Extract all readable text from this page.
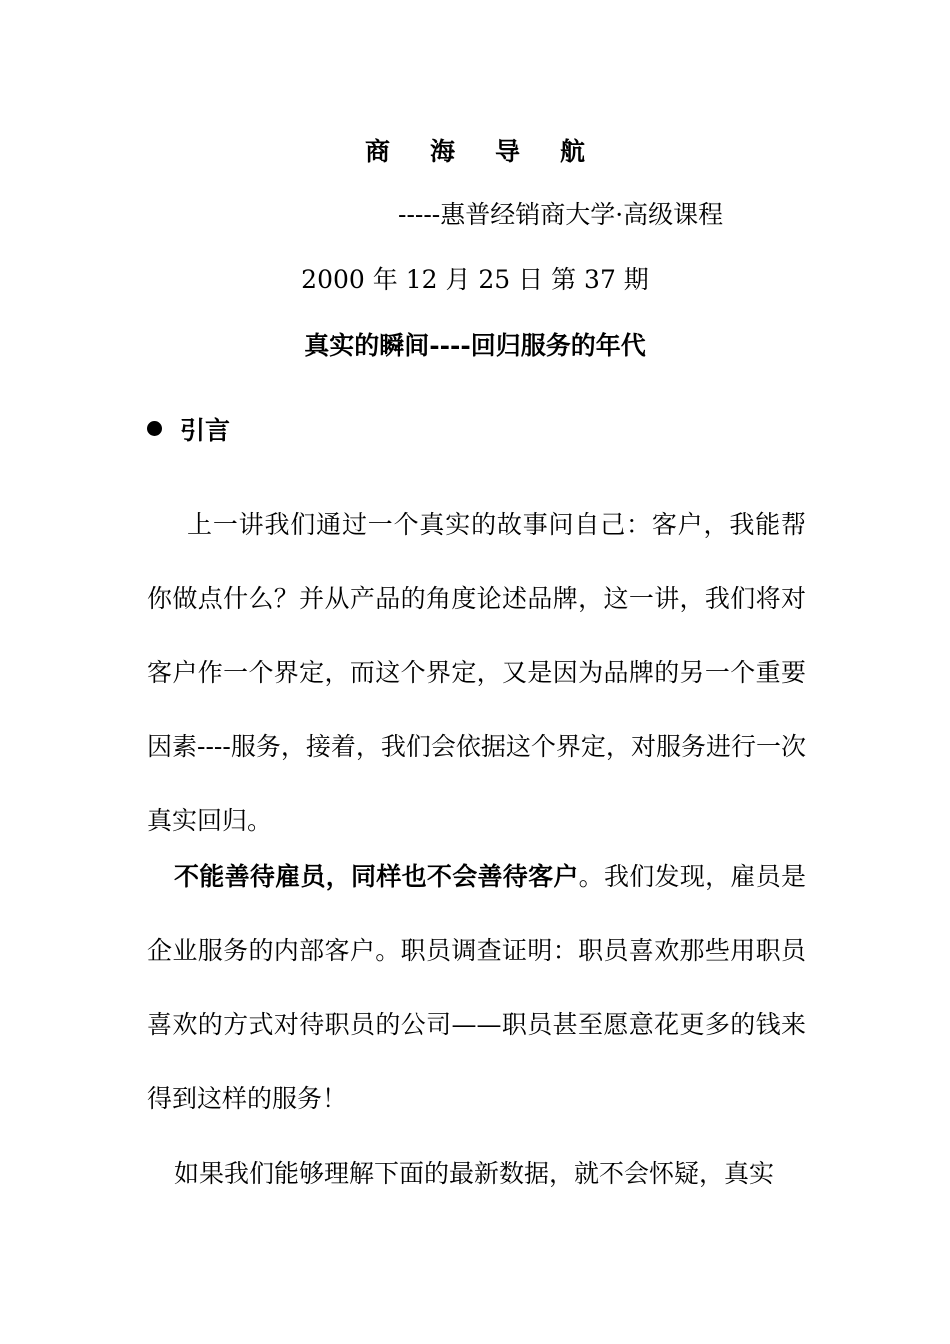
商海导航
-----惠普经销商大学·高级课程
2000 年 12 月 25 日 第 37 期
真实的瞬间----回归服务的年代
引言

上一讲我们通过一个真实的故事问自己：客户，我能帮你做点什么？并从产品的角度论述品牌，这一讲，我们将对客户作一个界定，而这个界定，又是因为品牌的另一个重要因素----服务，接着，我们会依据这个界定，对服务进行一次真实回归。

不能善待雇员，同样也不会善待客户。我们发现，雇员是企业服务的内部客户。职员调查证明：职员喜欢那些用职员喜欢的方式对待职员的公司——职员甚至愿意花更多的钱来得到这样的服务！

如果我们能够理解下面的最新数据，就不会怀疑，真实
